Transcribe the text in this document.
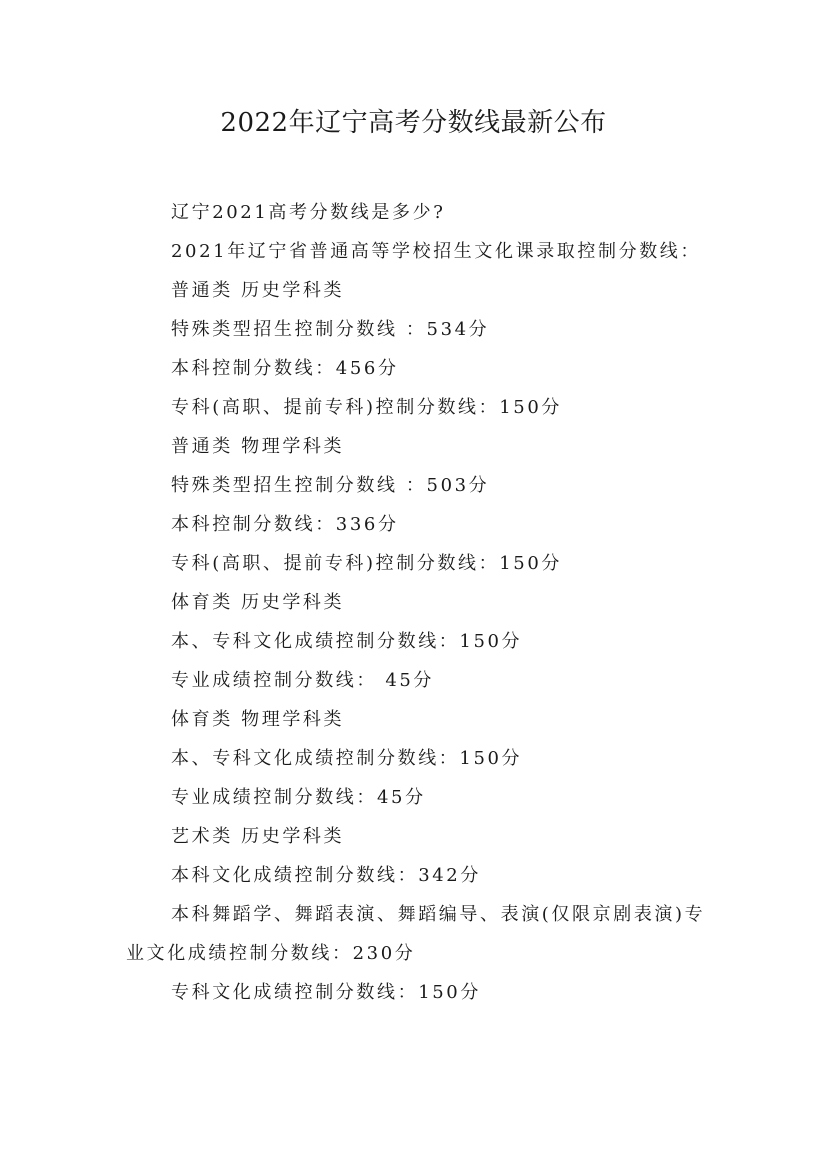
2022年辽宁高考分数线最新公布

辽宁2021高考分数线是多少?

2021年辽宁省普通高等学校招生文化课录取控制分数线：

普通类 历史学科类

特殊类型招生控制分数线 ：534分

本科控制分数线：456分

专科(高职、提前专科)控制分数线：150分

普通类 物理学科类

特殊类型招生控制分数线 ：503分

本科控制分数线：336分

专科(高职、提前专科)控制分数线：150分

体育类 历史学科类

本、专科文化成绩控制分数线：150分

专业成绩控制分数线： 45分

体育类 物理学科类

本、专科文化成绩控制分数线：150分

专业成绩控制分数线：45分

艺术类 历史学科类

本科文化成绩控制分数线：342分

本科舞蹈学、舞蹈表演、舞蹈编导、表演(仅限京剧表演)专业文化成绩控制分数线：230分

专科文化成绩控制分数线：150分
